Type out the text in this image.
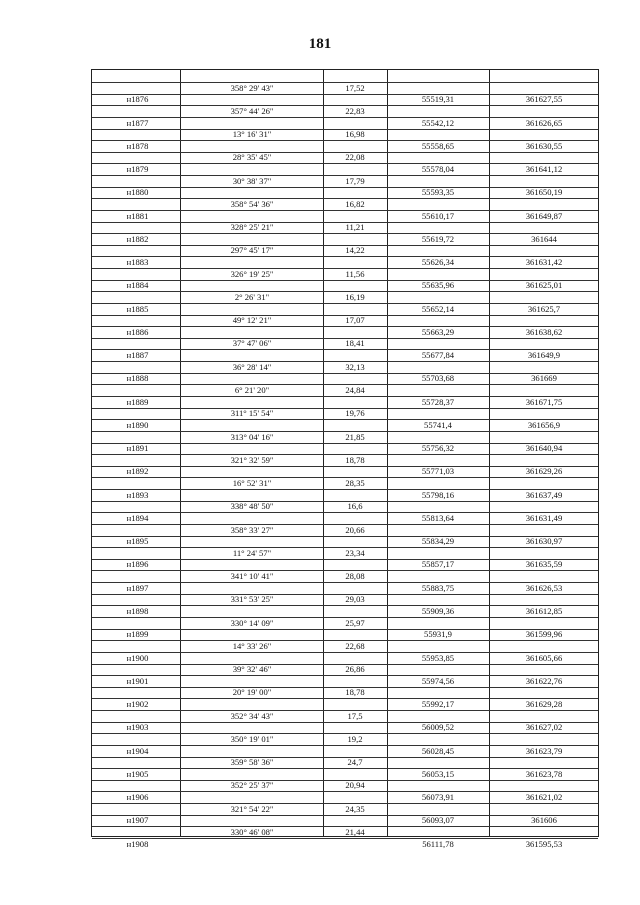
181
358° 29' 43"	17,52
н1876	55519,31	361627,55
357° 44' 26"	22,83
н1877	55542,12	361626,65
13° 16' 31"	16,98
н1878	55558,65	361630,55
28° 35' 45"	22,08
н1879	55578,04	361641,12
30° 38' 37"	17,79
н1880	55593,35	361650,19
358° 54' 36"	16,82
н1881	55610,17	361649,87
328° 25' 21"	11,21
н1882	55619,72	361644
297° 45' 17"	14,22
н1883	55626,34	361631,42
326° 19' 25"	11,56
н1884	55635,96	361625,01
2° 26' 31"	16,19
н1885	55652,14	361625,7
49° 12' 21"	17,07
н1886	55663,29	361638,62
37° 47' 06"	18,41
н1887	55677,84	361649,9
36° 28' 14"	32,13
н1888	55703,68	361669
6° 21' 20"	24,84
н1889	55728,37	361671,75
311° 15' 54"	19,76
н1890	55741,4	361656,9
313° 04' 16"	21,85
н1891	55756,32	361640,94
321° 32' 59"	18,78
н1892	55771,03	361629,26
16° 52' 31"	28,35
н1893	55798,16	361637,49
338° 48' 50"	16,6
н1894	55813,64	361631,49
358° 33' 27"	20,66
н1895	55834,29	361630,97
11° 24' 57"	23,34
н1896	55857,17	361635,59
341° 10' 41"	28,08
н1897	55883,75	361626,53
331° 53' 25"	29,03
н1898	55909,36	361612,85
330° 14' 09"	25,97
н1899	55931,9	361599,96
14° 33' 26"	22,68
н1900	55953,85	361605,66
39° 32' 46"	26,86
н1901	55974,56	361622,76
20° 19' 00"	18,78
н1902	55992,17	361629,28
352° 34' 43"	17,5
н1903	56009,52	361627,02
350° 19' 01"	19,2
н1904	56028,45	361623,79
359° 58' 36"	24,7
н1905	56053,15	361623,78
352° 25' 37"	20,94
н1906	56073,91	361621,02
321° 54' 22"	24,35
н1907	56093,07	361606
330° 46' 08"	21,44
н1908	56111,78	361595,53
